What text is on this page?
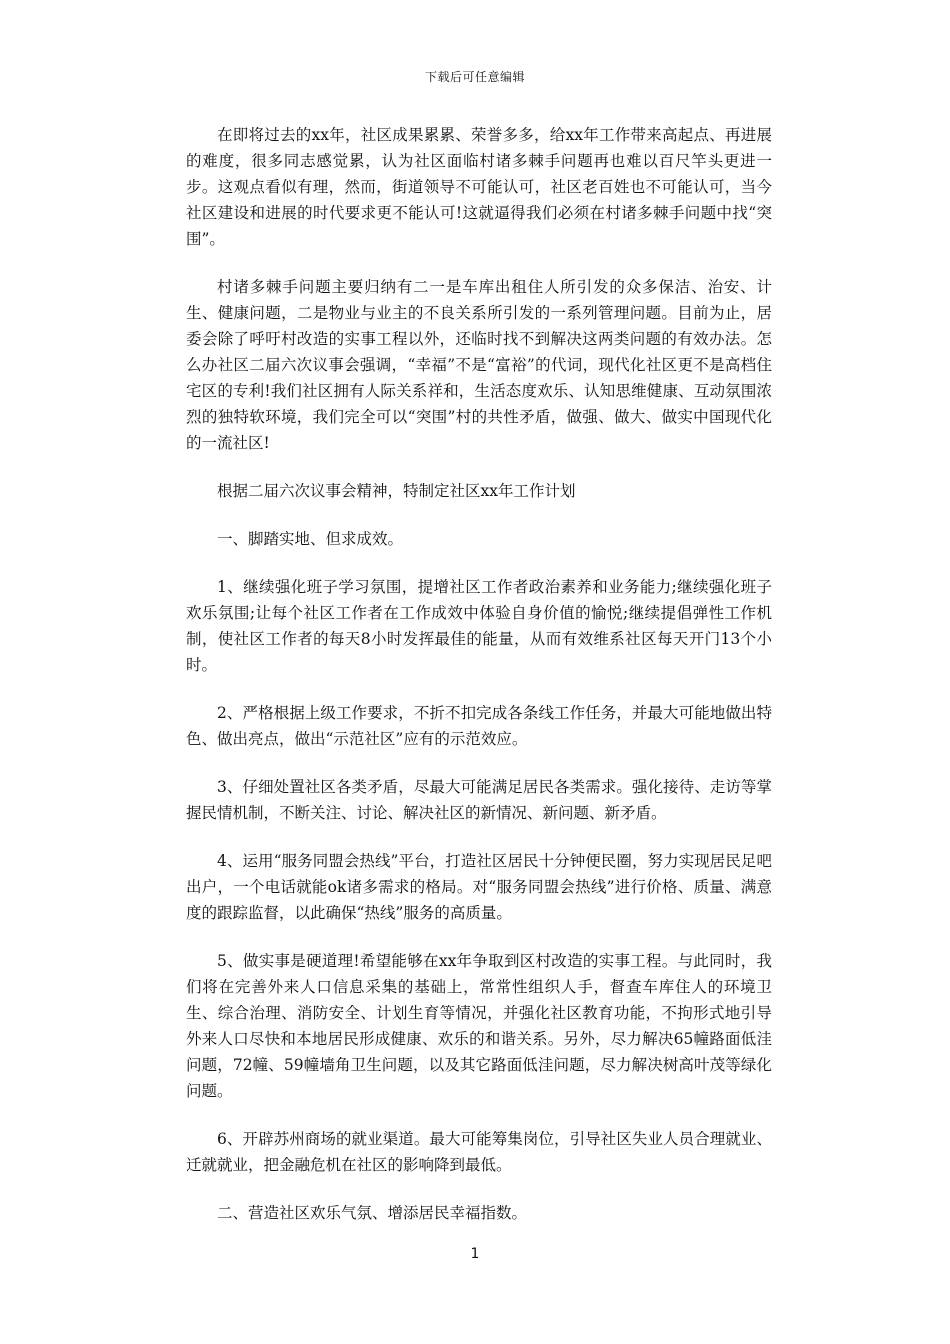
下载后可任意编辑

在即将过去的xx年，社区成果累累、荣誉多多，给xx年工作带来高起点、再进展的难度，很多同志感觉累，认为社区面临村诸多棘手问题再也难以百尺竿头更进一步。这观点看似有理，然而，街道领导不可能认可，社区老百姓也不可能认可，当今社区建设和进展的时代要求更不能认可!这就逼得我们必须在村诸多棘手问题中找“突围”。

村诸多棘手问题主要归纳有二一是车库出租住人所引发的众多保洁、治安、计生、健康问题，二是物业与业主的不良关系所引发的一系列管理问题。目前为止，居委会除了呼吁村改造的实事工程以外，还临时找不到解决这两类问题的有效办法。怎么办社区二届六次议事会强调，“幸福”不是“富裕”的代词，现代化社区更不是高档住宅区的专利!我们社区拥有人际关系祥和，生活态度欢乐、认知思维健康、互动氛围浓烈的独特软环境，我们完全可以“突围”村的共性矛盾，做强、做大、做实中国现代化的一流社区!

根据二届六次议事会精神，特制定社区xx年工作计划

一、脚踏实地、但求成效。

1、继续强化班子学习氛围，提增社区工作者政治素养和业务能力;继续强化班子欢乐氛围;让每个社区工作者在工作成效中体验自身价值的愉悦;继续提倡弹性工作机制，使社区工作者的每天8小时发挥最佳的能量，从而有效维系社区每天开门13个小时。

2、严格根据上级工作要求，不折不扣完成各条线工作任务，并最大可能地做出特色、做出亮点，做出“示范社区”应有的示范效应。

3、仔细处置社区各类矛盾，尽最大可能满足居民各类需求。强化接待、走访等掌握民情机制，不断关注、讨论、解决社区的新情况、新问题、新矛盾。

4、运用“服务同盟会热线”平台，打造社区居民十分钟便民圈，努力实现居民足吧出户，一个电话就能ok诸多需求的格局。对“服务同盟会热线”进行价格、质量、满意度的跟踪监督，以此确保“热线”服务的高质量。

5、做实事是硬道理!希望能够在xx年争取到区村改造的实事工程。与此同时，我们将在完善外来人口信息采集的基础上，常常性组织人手，督查车库住人的环境卫生、综合治理、消防安全、计划生育等情况，并强化社区教育功能，不拘形式地引导外来人口尽快和本地居民形成健康、欢乐的和谐关系。另外，尽力解决65幢路面低洼问题，72幢、59幢墙角卫生问题，以及其它路面低洼问题，尽力解决树高叶茂等绿化问题。

6、开辟苏州商场的就业渠道。最大可能筹集岗位，引导社区失业人员合理就业、迁就就业，把金融危机在社区的影响降到最低。

二、营造社区欢乐气氛、增添居民幸福指数。

1
